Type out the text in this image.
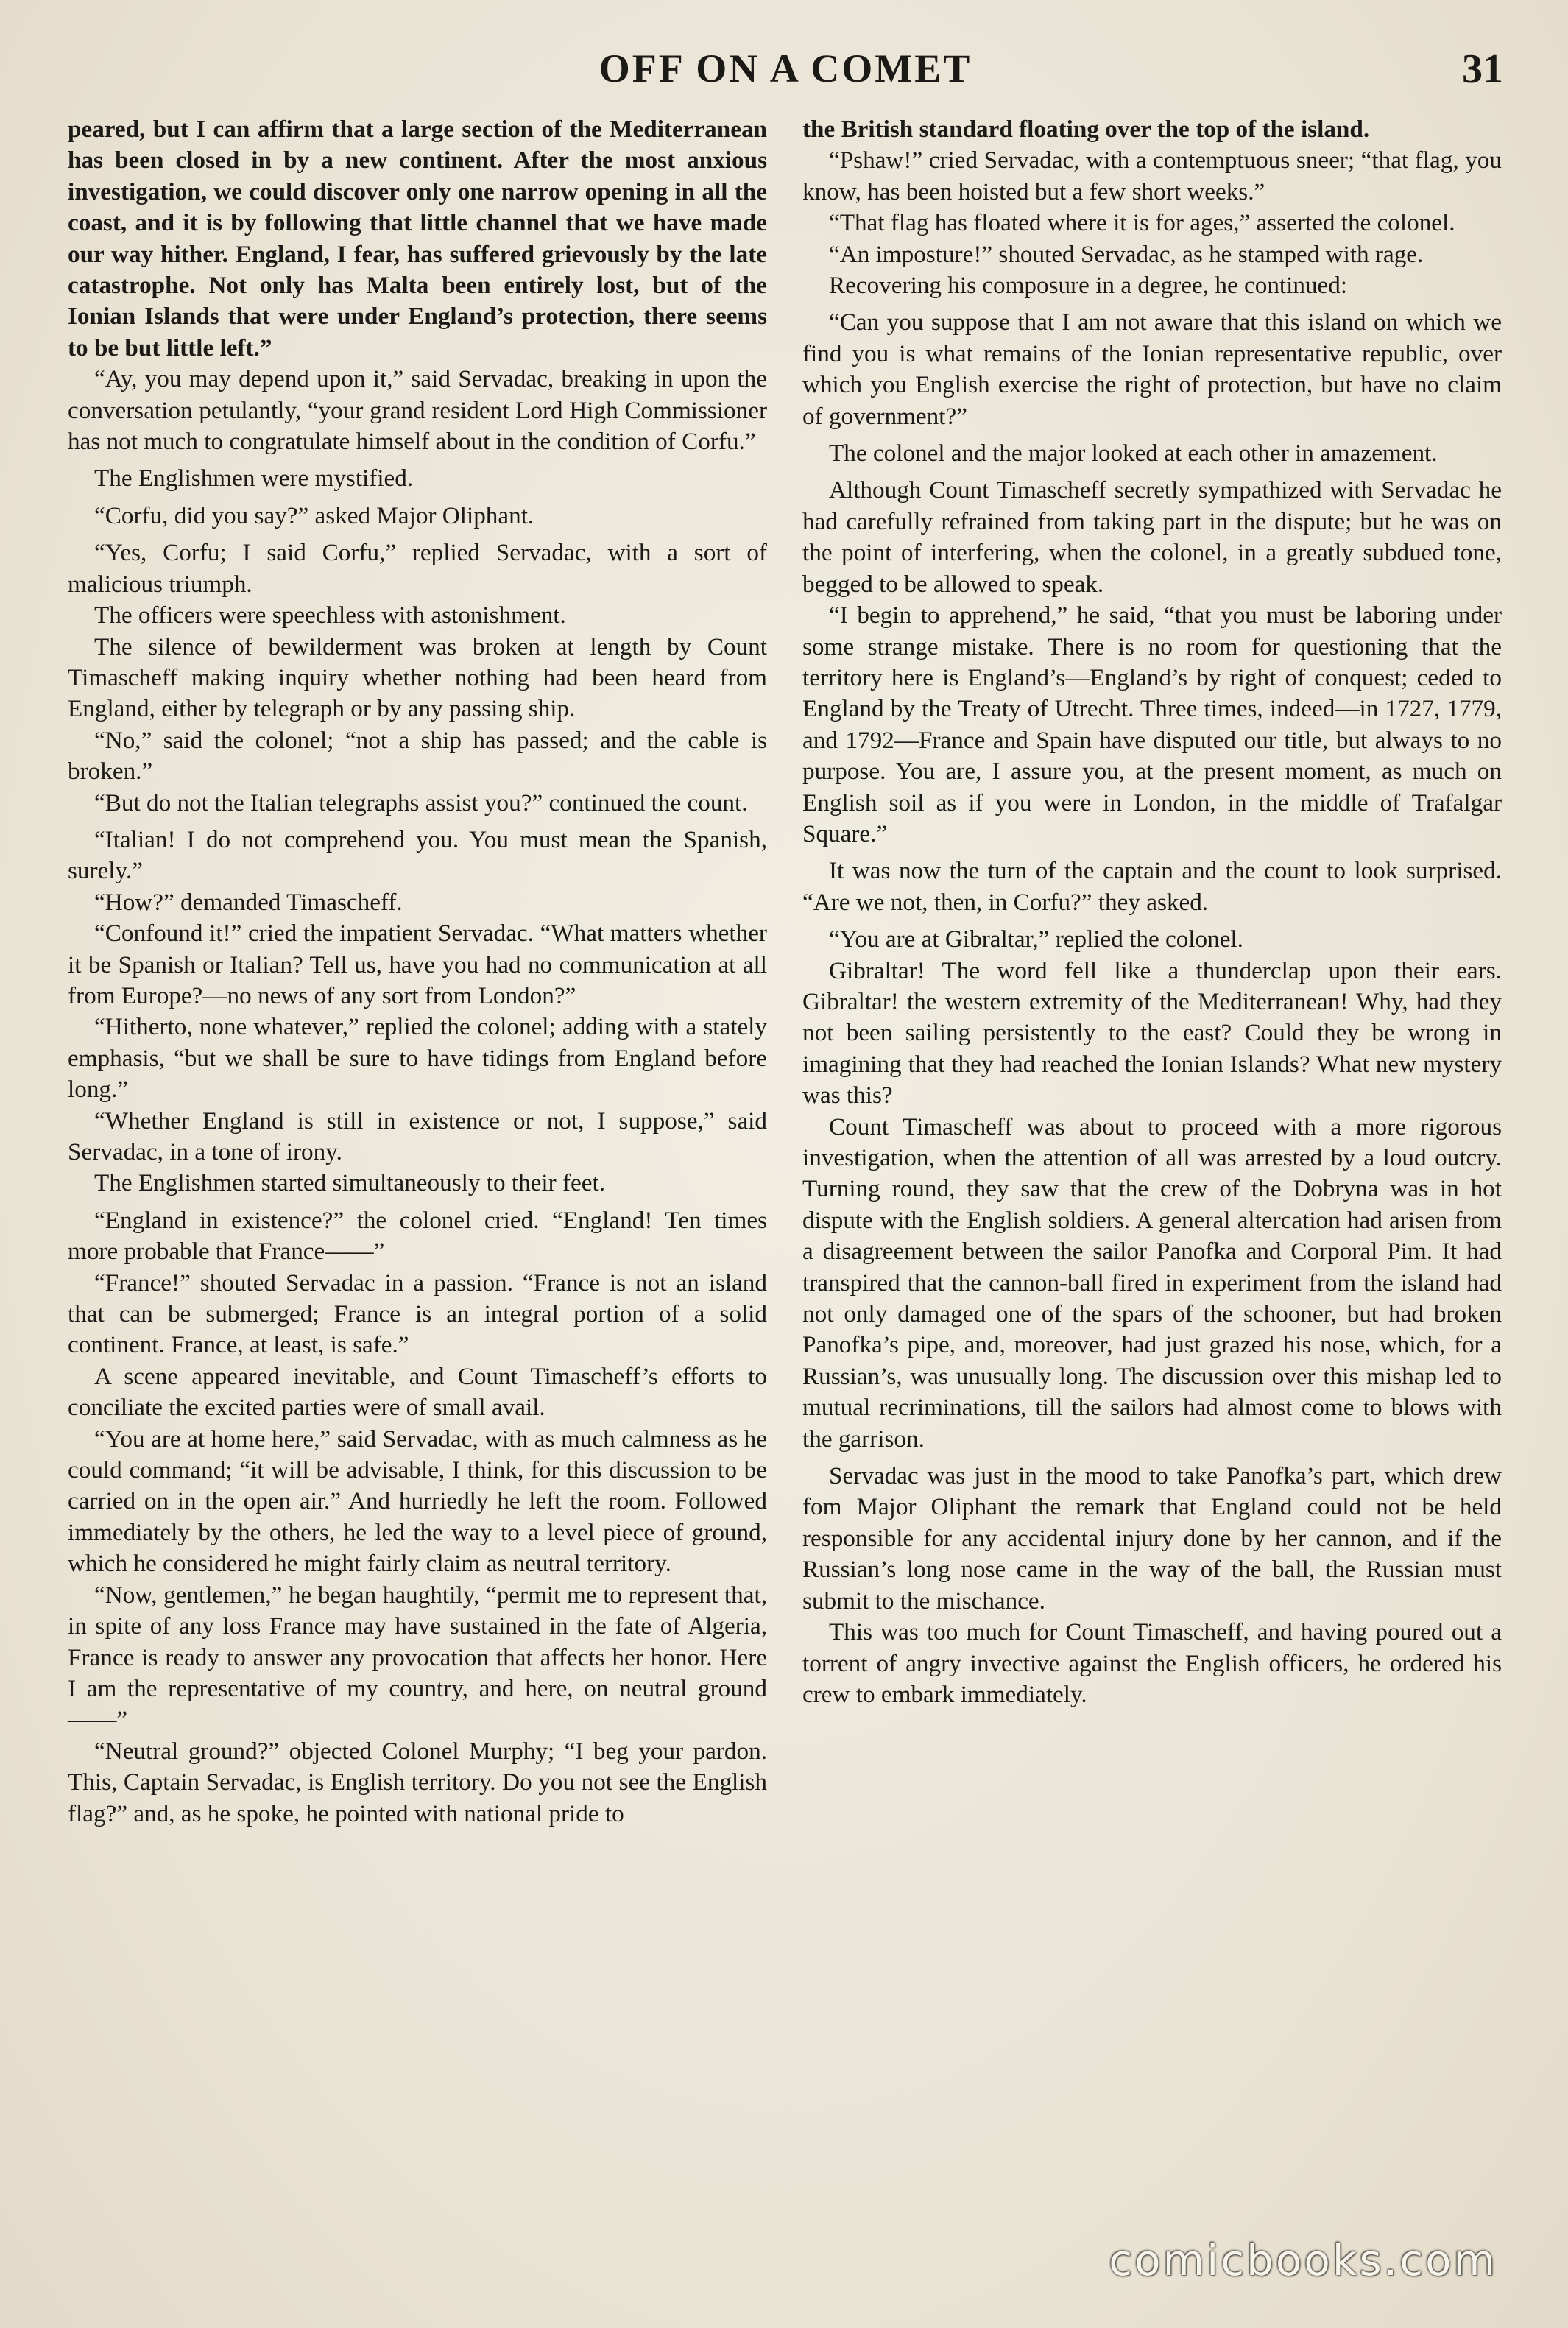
OFF ON A COMET	31

peared, but I can affirm that a large section of the Mediterranean has been closed in by a new continent. After the most anxious investigation, we could discover only one narrow opening in all the coast, and it is by following that little channel that we have made our way hither. England, I fear, has suffered grievously by the late catastrophe. Not only has Malta been entirely lost, but of the Ionian Islands that were under England’s protection, there seems to be but little left.”

“Ay, you may depend upon it,” said Servadac, breaking in upon the conversation petulantly, “your grand resident Lord High Commissioner has not much to congratulate himself about in the condition of Corfu.”

The Englishmen were mystified.

“Corfu, did you say?” asked Major Oliphant.

“Yes, Corfu; I said Corfu,” replied Servadac, with a sort of malicious triumph.

The officers were speechless with astonishment.

The silence of bewilderment was broken at length by Count Timascheff making inquiry whether nothing had been heard from England, either by telegraph or by any passing ship.

“No,” said the colonel; “not a ship has passed; and the cable is broken.”

“But do not the Italian telegraphs assist you?” continued the count.

“Italian! I do not comprehend you. You must mean the Spanish, surely.”

“How?” demanded Timascheff.

“Confound it!” cried the impatient Servadac. “What matters whether it be Spanish or Italian? Tell us, have you had no communication at all from Europe?—no news of any sort from London?”

“Hitherto, none whatever,” replied the colonel; adding with a stately emphasis, “but we shall be sure to have tidings from England before long.”

“Whether England is still in existence or not, I suppose,” said Servadac, in a tone of irony.

The Englishmen started simultaneously to their feet.

“England in existence?” the colonel cried. “England! Ten times more probable that France——”

“France!” shouted Servadac in a passion. “France is not an island that can be submerged; France is an integral portion of a solid continent. France, at least, is safe.”

A scene appeared inevitable, and Count Timascheff’s efforts to conciliate the excited parties were of small avail.

“You are at home here,” said Servadac, with as much calmness as he could command; “it will be advisable, I think, for this discussion to be carried on in the open air.” And hurriedly he left the room. Followed immediately by the others, he led the way to a level piece of ground, which he considered he might fairly claim as neutral territory.

“Now, gentlemen,” he began haughtily, “permit me to represent that, in spite of any loss France may have sustained in the fate of Algeria, France is ready to answer any provocation that affects her honor. Here I am the representative of my country, and here, on neutral ground——”

“Neutral ground?” objected Colonel Murphy; “I beg your pardon. This, Captain Servadac, is English territory. Do you not see the English flag?” and, as he spoke, he pointed with national pride to

the British standard floating over the top of the island.

“Pshaw!” cried Servadac, with a contemptuous sneer; “that flag, you know, has been hoisted but a few short weeks.”

“That flag has floated where it is for ages,” asserted the colonel.

“An imposture!” shouted Servadac, as he stamped with rage.

Recovering his composure in a degree, he continued:

“Can you suppose that I am not aware that this island on which we find you is what remains of the Ionian representative republic, over which you English exercise the right of protection, but have no claim of government?”

The colonel and the major looked at each other in amazement.

Although Count Timascheff secretly sympathized with Servadac he had carefully refrained from taking part in the dispute; but he was on the point of interfering, when the colonel, in a greatly subdued tone, begged to be allowed to speak.

“I begin to apprehend,” he said, “that you must be laboring under some strange mistake. There is no room for questioning that the territory here is England’s—England’s by right of conquest; ceded to England by the Treaty of Utrecht. Three times, indeed—in 1727, 1779, and 1792—France and Spain have disputed our title, but always to no purpose. You are, I assure you, at the present moment, as much on English soil as if you were in London, in the middle of Trafalgar Square.”

It was now the turn of the captain and the count to look surprised. “Are we not, then, in Corfu?” they asked.

“You are at Gibraltar,” replied the colonel.

Gibraltar! The word fell like a thunderclap upon their ears. Gibraltar! the western extremity of the Mediterranean! Why, had they not been sailing persistently to the east? Could they be wrong in imagining that they had reached the Ionian Islands? What new mystery was this?

Count Timascheff was about to proceed with a more rigorous investigation, when the attention of all was arrested by a loud outcry. Turning round, they saw that the crew of the Dobryna was in hot dispute with the English soldiers. A general altercation had arisen from a disagreement between the sailor Panofka and Corporal Pim. It had transpired that the cannon-ball fired in experiment from the island had not only damaged one of the spars of the schooner, but had broken Panofka’s pipe, and, moreover, had just grazed his nose, which, for a Russian’s, was unusually long. The discussion over this mishap led to mutual recriminations, till the sailors had almost come to blows with the garrison.

Servadac was just in the mood to take Panofka’s part, which drew fom Major Oliphant the remark that England could not be held responsible for any accidental injury done by her cannon, and if the Russian’s long nose came in the way of the ball, the Russian must submit to the mischance.

This was too much for Count Timascheff, and having poured out a torrent of angry invective against the English officers, he ordered his crew to embark immediately.

comicbooks.com
